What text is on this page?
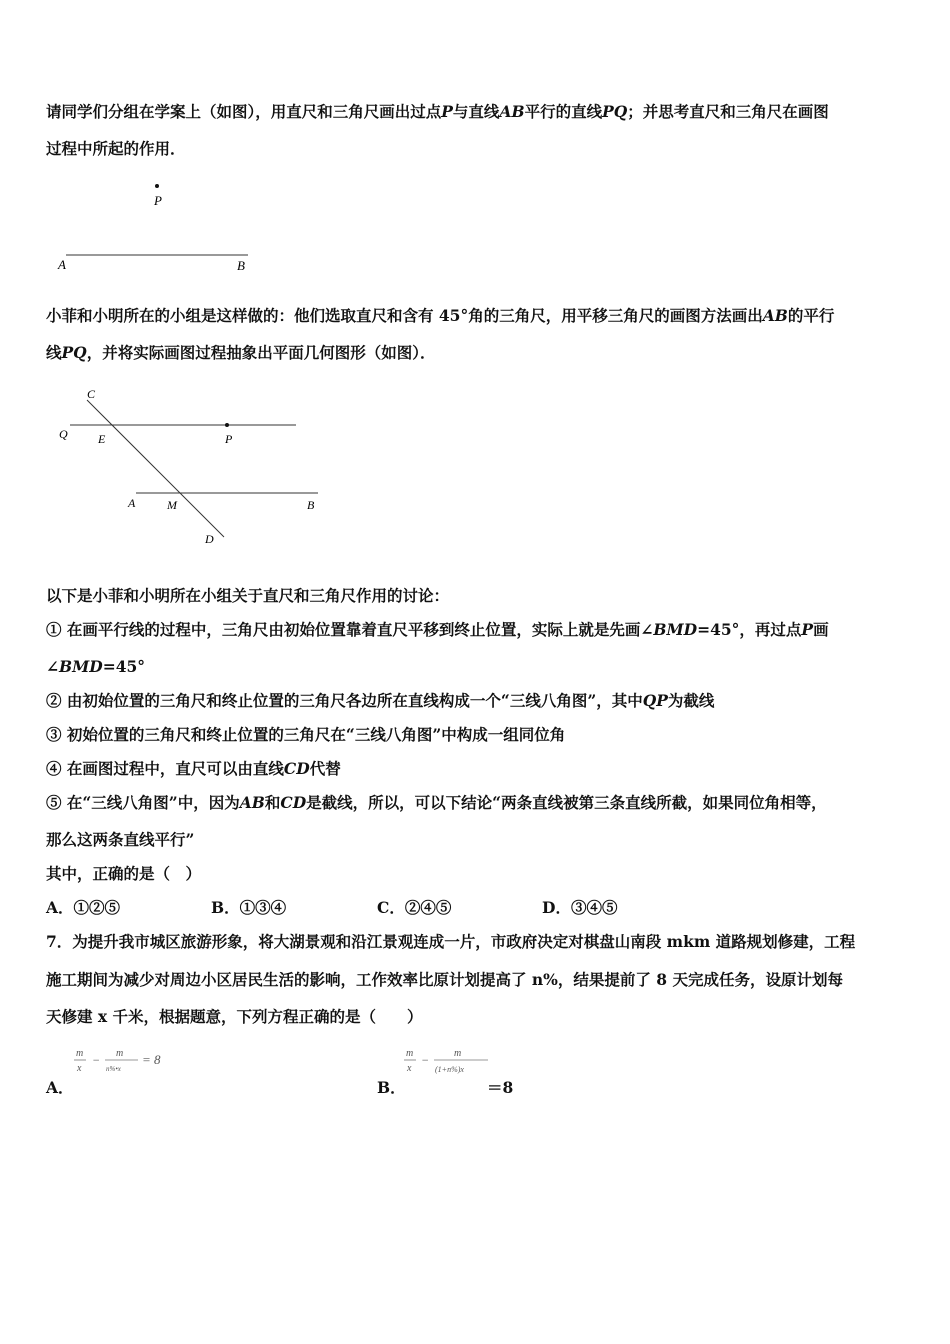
请同学们分组在学案上（如图），用直尺和三角尺画出过点P与直线AB平行的直线PQ；并思考直尺和三角尺在画图
过程中所起的作用．
P
A	B
小菲和小明所在的小组是这样做的：他们选取直尺和含有 45°角的三角尺，用平移三角尺的画图方法画出AB的平行
线PQ，并将实际画图过程抽象出平面几何图形（如图）．
C
Q	E	P
A	M	B
D
以下是小菲和小明所在小组关于直尺和三角尺作用的讨论：
① 在画平行线的过程中，三角尺由初始位置靠着直尺平移到终止位置，实际上就是先画∠BMD=45°，再过点P画
∠BMD=45°
② 由初始位置的三角尺和终止位置的三角尺各边所在直线构成一个“三线八角图”，其中QP为截线
③ 初始位置的三角尺和终止位置的三角尺在“三线八角图”中构成一组同位角
④ 在画图过程中，直尺可以由直线CD代替
⑤ 在“三线八角图”中，因为AB和CD是截线，所以，可以下结论“两条直线被第三条直线所截，如果同位角相等，
那么这两条直线平行”
其中，正确的是（　）
A．①②⑤	B．①③④	C．②④⑤	D．③④⑤
7．为提升我市城区旅游形象，将大湖景观和沿江景观连成一片，市政府决定对棋盘山南段 mkm 道路规划修建，工程
施工期间为减少对周边小区居民生活的影响，工作效率比原计划提高了 n%，结果提前了 8 天完成任务，设原计划每
天修建 x 千米，根据题意，下列方程正确的是（　　）
m
x
− m
n%•x
= 8
A．
m
x
− m
(1+n%)x
B．	＝8
